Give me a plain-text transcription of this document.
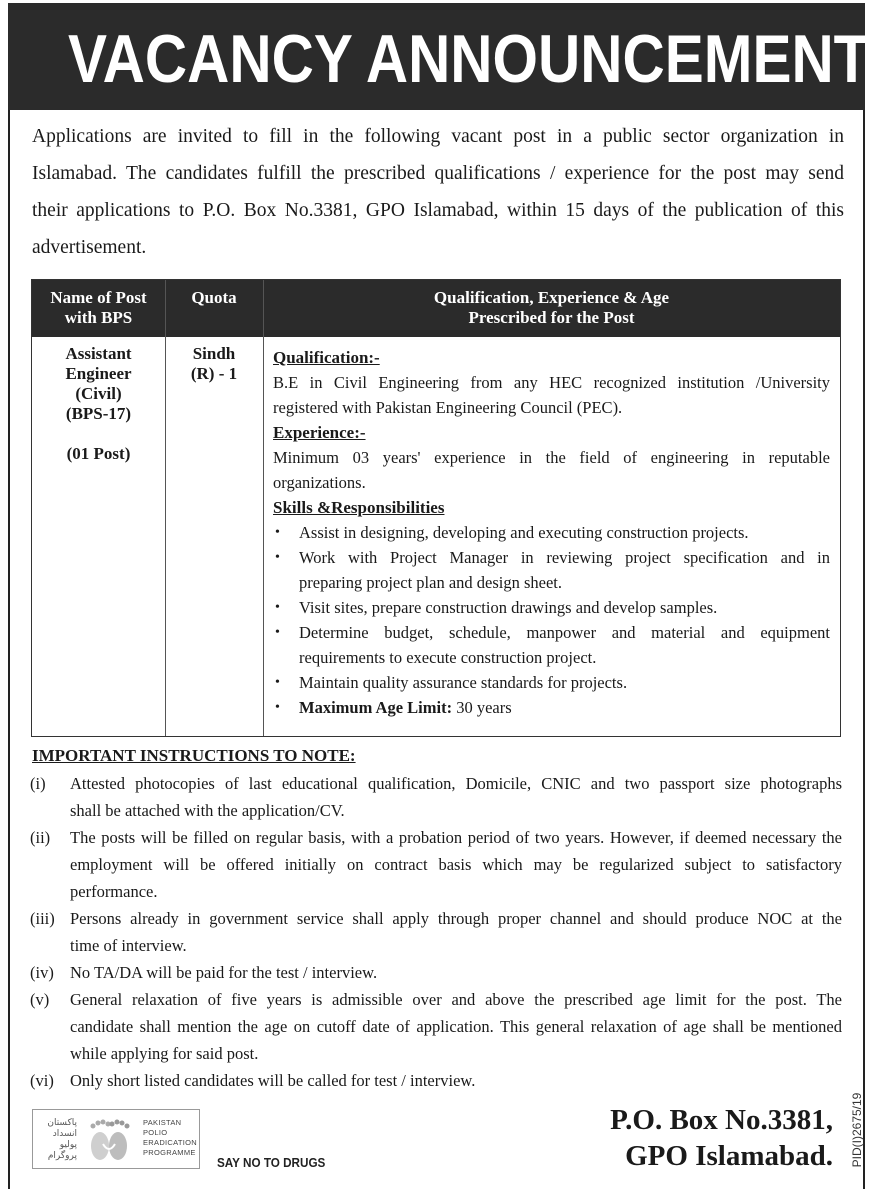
VACANCY ANNOUNCEMENT
Applications are invited to fill in the following vacant post in a public sector organization in
Islamabad. The candidates fulfill the prescribed qualifications / experience for the post may send
their applications to P.O. Box No.3381, GPO Islamabad, within 15 days of the publication of this
advertisement.
Name of Post
with BPS
Quota	Qualification, Experience & Age
Prescribed for the Post
Assistant
Engineer
(Civil)
(BPS-17)
(01 Post)
Sindh
(R) - 1
Qualification:-
B.E in Civil Engineering from any HEC recognized institution /University
registered with Pakistan Engineering Council (PEC).
Experience:-
Minimum 03 years' experience in the field of engineering in reputable
organizations.
Skills &Responsibilities
• Assist in designing, developing and executing construction projects.
• Work with Project Manager in reviewing project specification and in
preparing project plan and design sheet.
• Visit sites, prepare construction drawings and develop samples.
• Determine budget, schedule, manpower and material and equipment
requirements to execute construction project.
• Maintain quality assurance standards for projects.
• Maximum Age Limit: 30 years
IMPORTANT INSTRUCTIONS TO NOTE:
(i) Attested photocopies of last educational qualification, Domicile, CNIC and two passport size photographs
shall be attached with the application/CV.
(ii) The posts will be filled on regular basis, with a probation period of two years. However, if deemed necessary the
employment will be offered initially on contract basis which may be regularized subject to satisfactory
performance.
(iii) Persons already in government service shall apply through proper channel and should produce NOC at the
time of interview.
(iv) No TA/DA will be paid for the test / interview.
(v) General relaxation of five years is admissible over and above the prescribed age limit for the post. The
candidate shall mention the age on cutoff date of application. This general relaxation of age shall be mentioned
while applying for said post.
(vi) Only short listed candidates will be called for test / interview.
پاکستان
انسداد
پولیو
پروگرام
PAKISTAN
POLIO
ERADICATION
PROGRAMME
SAY NO TO DRUGS
P.O. Box No.3381,
GPO Islamabad. PID(I)2675/19
